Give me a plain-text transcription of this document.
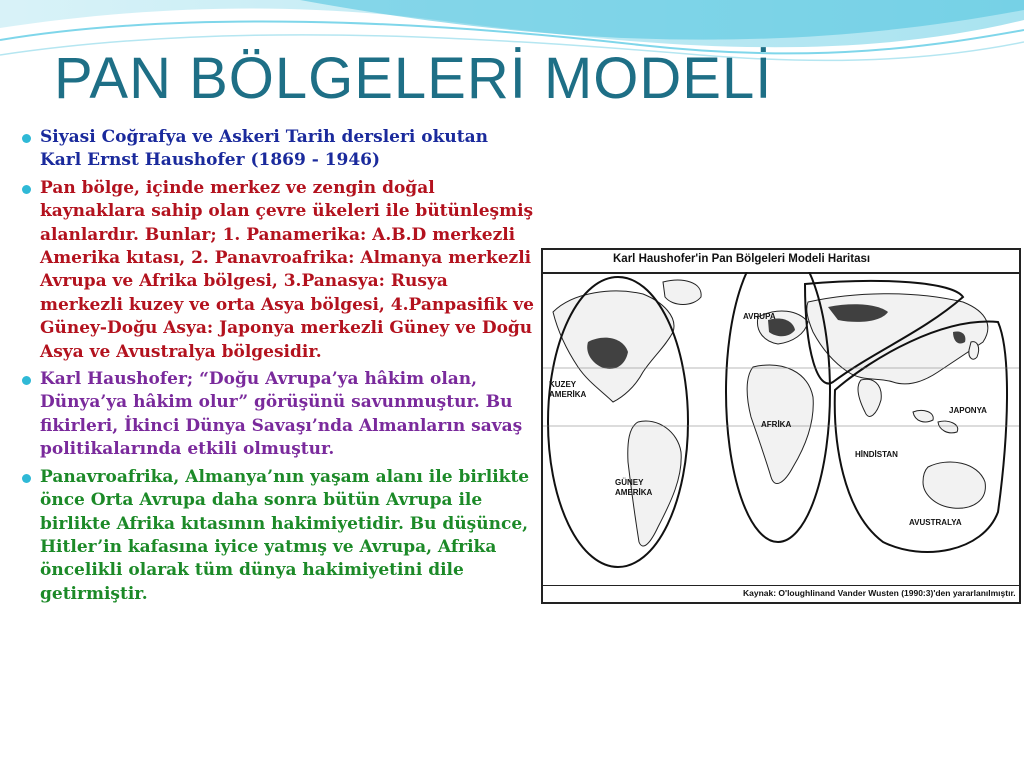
PAN BÖLGELERİ MODELİ
Siyasi Coğrafya ve Askeri Tarih dersleri okutan Karl Ernst Haushofer (1869 - 1946)
Pan bölge, içinde merkez ve zengin doğal kaynaklara sahip olan çevre ükeleri ile bütünleşmiş alanlardır. Bunlar; 1. Panamerika: A.B.D merkezli Amerika kıtası, 2. Panavroafrika: Almanya merkezli Avrupa ve Afrika bölgesi, 3.Panasya: Rusya merkezli kuzey ve orta Asya bölgesi, 4.Panpasifik ve Güney-Doğu Asya: Japonya merkezli Güney ve Doğu Asya ve Avustralya bölgesidir.
Karl Haushofer; “Doğu Avrupa’ya hâkim olan, Dünya’ya hâkim olur” görüşünü savunmuştur. Bu fikirleri, İkinci Dünya Savaşı’nda Almanların savaş politikalarında etkili olmuştur.
Panavroafrika, Almanya’nın yaşam alanı ile birlikte önce Orta Avrupa daha sonra bütün Avrupa ile birlikte Afrika kıtasının hakimiyetidir. Bu düşünce, Hitler’in kafasına iyice yatmış ve Avrupa, Afrika öncelikli olarak tüm dünya hakimiyetini dile getirmiştir.
Karl Haushofer'in Pan Bölgeleri Modeli Haritası
AVRUPA
KUZEY
AMERİKA
AFRİKA
JAPONYA
HİNDİSTAN
GÜNEY
AMERİKA
AVUSTRALYA
Kaynak: O'loughlinand Vander Wusten (1990:3)'den yararlanılmıştır.
